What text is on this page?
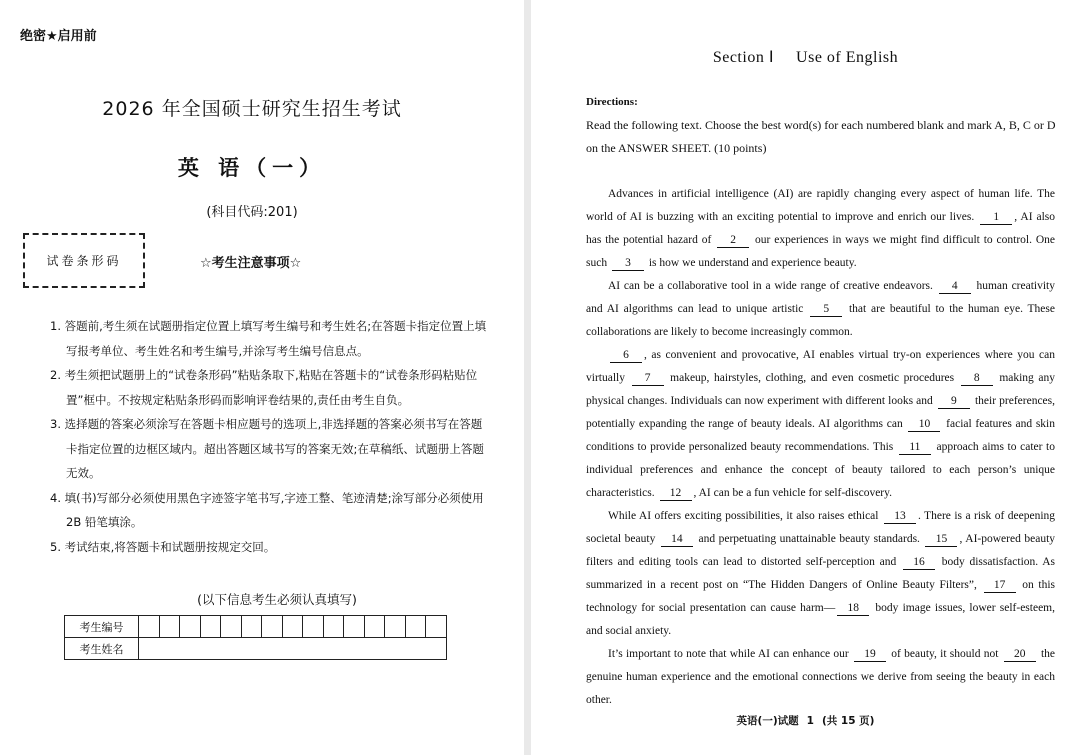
绝密★启用前
2026 年全国硕士研究生招生考试
英 语（一）
(科目代码:201)
试卷条形码	☆考生注意事项☆
1. 答题前,考生须在试题册指定位置上填写考生编号和考生姓名;在答题卡指定位置上填
写报考单位、考生姓名和考生编号,并涂写考生编号信息点。
2. 考生须把试题册上的“试卷条形码”粘贴条取下,粘贴在答题卡的“试卷条形码粘贴位
置”框中。不按规定粘贴条形码而影响评卷结果的,责任由考生自负。
3. 选择题的答案必须涂写在答题卡相应题号的选项上,非选择题的答案必须书写在答题
卡指定位置的边框区域内。超出答题区域书写的答案无效;在草稿纸、试题册上答题
无效。
4. 填(书)写部分必须使用黑色字迹签字笔书写,字迹工整、笔迹清楚;涂写部分必须使用
2B 铅笔填涂。
5. 考试结束,将答题卡和试题册按规定交回。
(以下信息考生必须认真填写)
考生编号															
考生姓名															
Section Ⅰ Use of English
Directions:
Read the following text. Choose the best word(s) for each numbered blank and mark A, B, C or D on the ANSWER SHEET. (10 points)

Advances in artificial intelligence (AI) are rapidly changing every aspect of human life. The world of AI is buzzing with an exciting potential to improve and enrich our lives. 1 , AI also has the potential hazard of 2 our experiences in ways we might find difficult to control. One such 3 is how we understand and experience beauty.

AI can be a collaborative tool in a wide range of creative endeavors. 4 human creativity and AI algorithms can lead to unique artistic 5 that are beautiful to the human eye. These collaborations are likely to become increasingly common.

6 , as convenient and provocative, AI enables virtual try-on experiences where you can virtually 7 makeup, hairstyles, clothing, and even cosmetic procedures 8 making any physical changes. Individuals can now experiment with different looks and 9 their preferences, potentially expanding the range of beauty ideals. AI algorithms can 10 facial features and skin conditions to provide personalized beauty recommendations. This 11 approach aims to cater to individual preferences and enhance the concept of beauty tailored to each person’s unique characteristics. 12 , AI can be a fun vehicle for self-discovery.

While AI offers exciting possibilities, it also raises ethical 13 . There is a risk of deepening societal beauty 14 and perpetuating unattainable beauty standards. 15 , AI-powered beauty filters and editing tools can lead to distorted self-perception and 16 body dissatisfaction. As summarized in a recent post on “The Hidden Dangers of Online Beauty Filters”, 17 on this technology for social presentation can cause harm— 18 body image issues, lower self-esteem, and social anxiety.

It’s important to note that while AI can enhance our 19 of beauty, it should not 20 the genuine human experience and the emotional connections we derive from seeing the beauty in each other.

英语(一)试题 1 (共 15 页)
